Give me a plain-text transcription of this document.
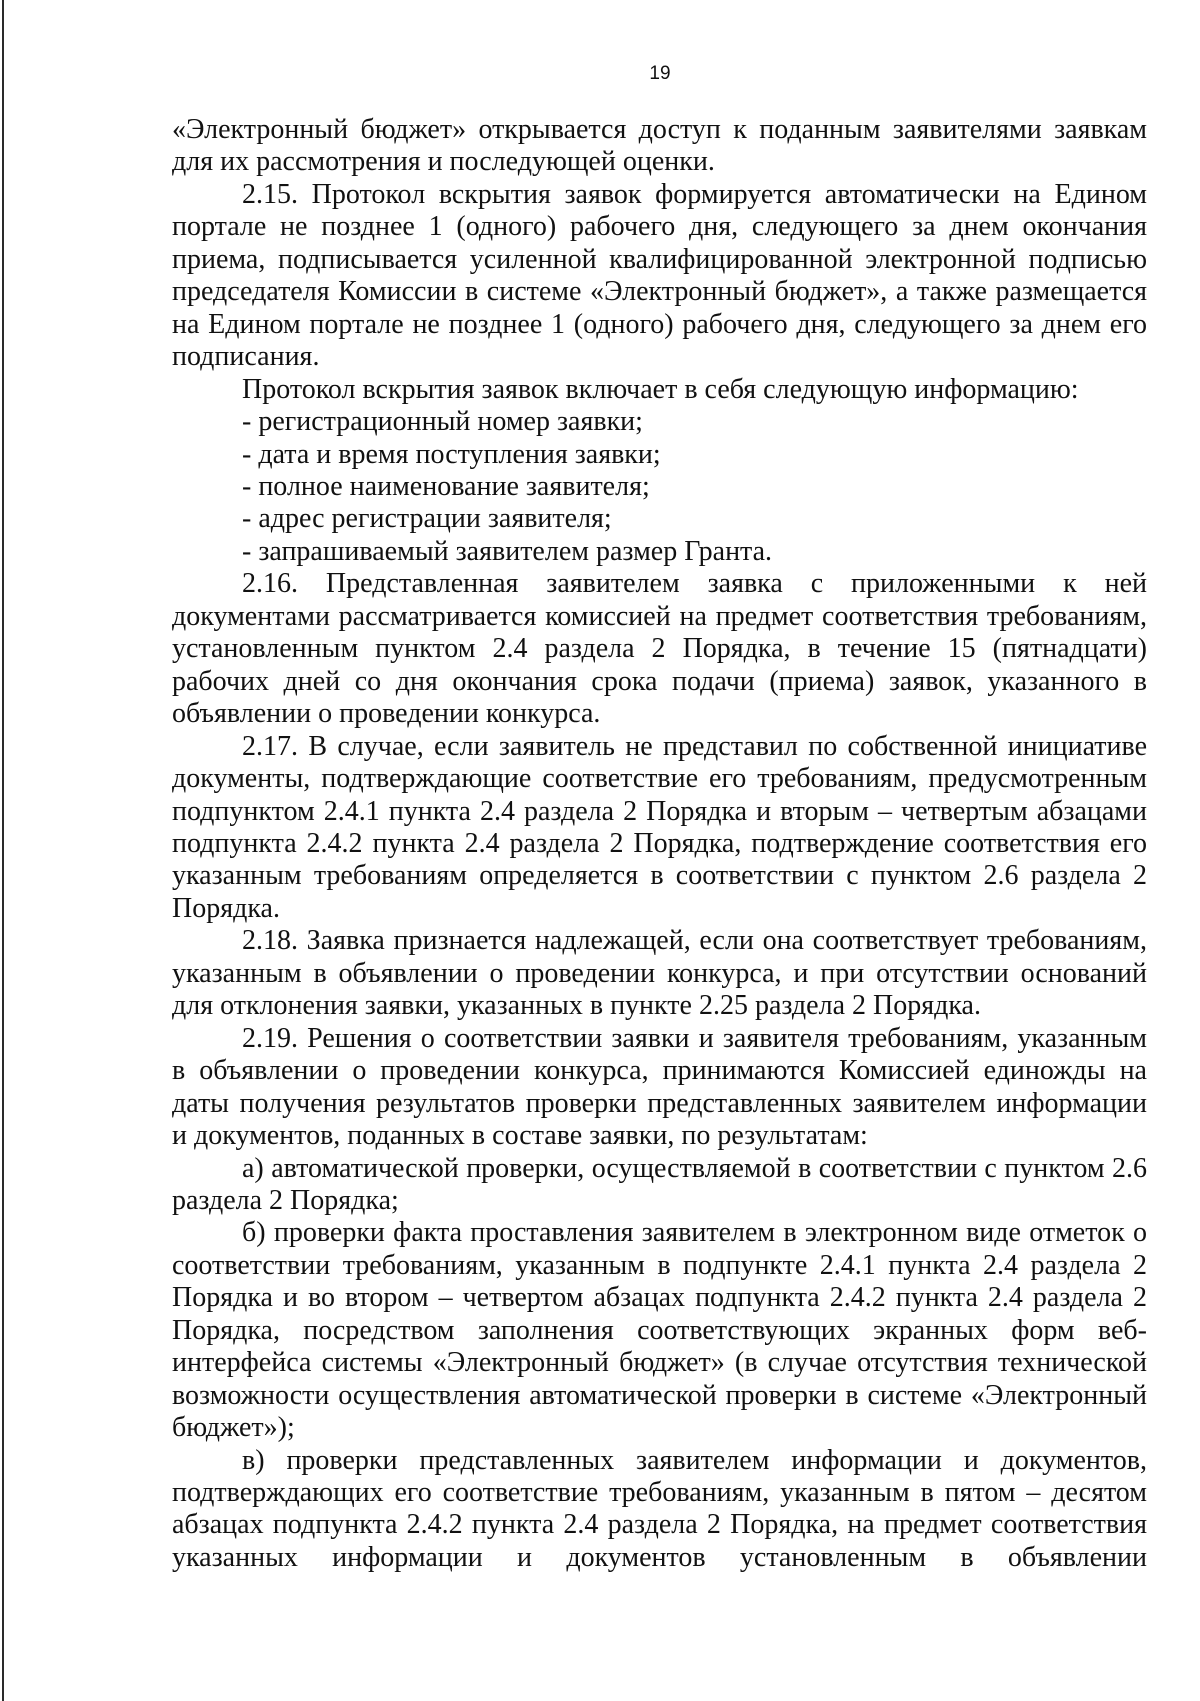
19

«Электронный бюджет» открывается доступ к поданным заявителями заявкам для их рассмотрения и последующей оценки.

2.15. Протокол вскрытия заявок формируется автоматически на Едином портале не позднее 1 (одного) рабочего дня, следующего за днем окончания приема, подписывается усиленной квалифицированной электронной подписью председателя Комиссии в системе «Электронный бюджет», а также размещается на Едином портале не позднее 1 (одного) рабочего дня, следующего за днем его подписания.

Протокол вскрытия заявок включает в себя следующую информацию:

- регистрационный номер заявки;

- дата и время поступления заявки;

- полное наименование заявителя;

- адрес регистрации заявителя;

- запрашиваемый заявителем размер Гранта.

2.16. Представленная заявителем заявка с приложенными к ней документами рассматривается комиссией на предмет соответствия требованиям, установленным пунктом 2.4 раздела 2 Порядка, в течение 15 (пятнадцати) рабочих дней со дня окончания срока подачи (приема) заявок, указанного в объявлении о проведении конкурса.

2.17. В случае, если заявитель не представил по собственной инициативе документы, подтверждающие соответствие его требованиям, предусмотренным подпунктом 2.4.1 пункта 2.4 раздела 2 Порядка и вторым – четвертым абзацами подпункта 2.4.2 пункта 2.4 раздела 2 Порядка, подтверждение соответствия его указанным требованиям определяется в соответствии с пунктом 2.6 раздела 2 Порядка.

2.18. Заявка признается надлежащей, если она соответствует требованиям, указанным в объявлении о проведении конкурса, и при отсутствии оснований для отклонения заявки, указанных в пункте 2.25 раздела 2 Порядка.

2.19. Решения о соответствии заявки и заявителя требованиям, указанным в объявлении о проведении конкурса, принимаются Комиссией единожды на даты получения результатов проверки представленных заявителем информации и документов, поданных в составе заявки, по результатам:

а) автоматической проверки, осуществляемой в соответствии с пунктом 2.6 раздела 2 Порядка;

б) проверки факта проставления заявителем в электронном виде отметок о соответствии требованиям, указанным в подпункте 2.4.1 пункта 2.4 раздела 2 Порядка и во втором – четвертом абзацах подпункта 2.4.2 пункта 2.4 раздела 2 Порядка, посредством заполнения соответствующих экранных форм веб-интерфейса системы «Электронный бюджет» (в случае отсутствия технической возможности осуществления автоматической проверки в системе «Электронный бюджет»);

в) проверки представленных заявителем информации и документов, подтверждающих его соответствие требованиям, указанным в пятом – десятом абзацах подпункта 2.4.2 пункта 2.4 раздела 2 Порядка, на предмет соответствия указанных информации и документов установленным в объявлении
